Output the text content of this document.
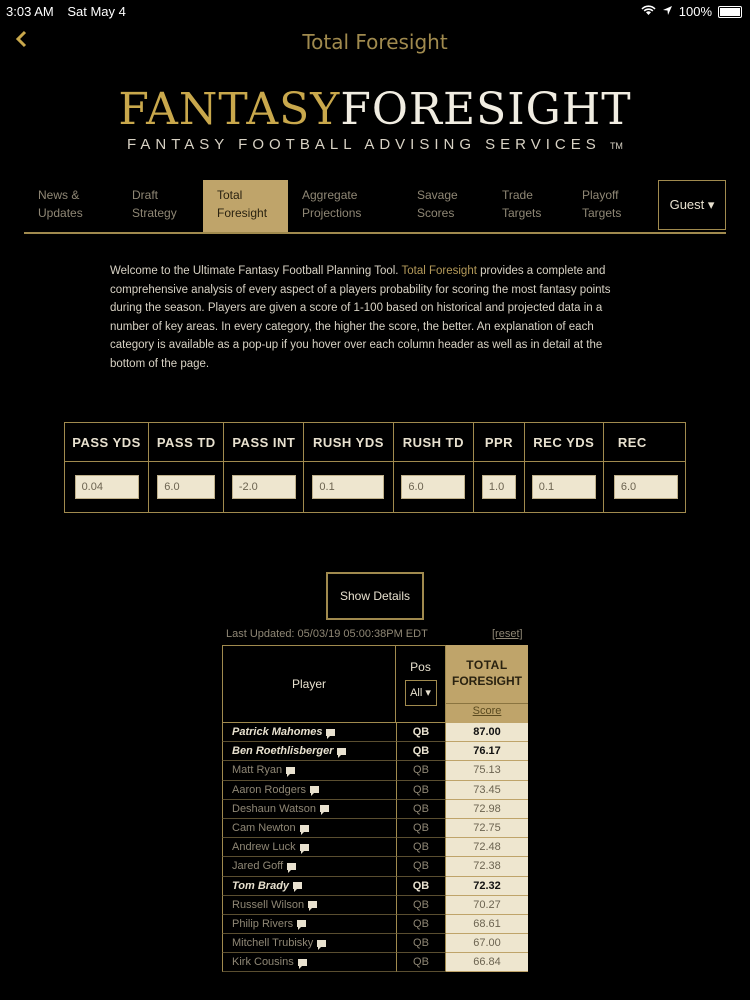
3:03 AM Sat May 4	100%
Total Foresight
FANTASYFORESIGHT
FANTASY FOOTBALL ADVISING SERVICES TM
News &
Updates
Draft
Strategy
Total
Foresight
Aggregate
Projections
Savage
Scores
Trade
Targets
Playoff
Targets
Guest ▾
Welcome to the Ultimate Fantasy Football Planning Tool. Total Foresight provides a complete and comprehensive analysis of every aspect of a players probability for scoring the most fantasy points during the season. Players are given a score of 1-100 based on historical and projected data in a number of key areas. In every category, the higher the score, the better. An explanation of each category is available as a pop-up if you hover over each column header as well as in detail at the bottom of the page.
PASS YDS	PASS TD	PASS INT	RUSH YDS	RUSH TD	PPR	REC YDS	REC
0.04	6.0	-2.0	0.1	6.0	1.0	0.1	6.0
Show Details
Last Updated: 05/03/19 05:00:38PM EDT	[reset]
Player
Pos
All ▾
TOTAL
FORESIGHT
Score
Patrick Mahomes	QB	87.00
Ben Roethlisberger	QB	76.17
Matt Ryan	QB	75.13
Aaron Rodgers	QB	73.45
Deshaun Watson	QB	72.98
Cam Newton	QB	72.75
Andrew Luck	QB	72.48
Jared Goff	QB	72.38
Tom Brady	QB	72.32
Russell Wilson	QB	70.27
Philip Rivers	QB	68.61
Mitchell Trubisky	QB	67.00
Kirk Cousins	QB	66.84
